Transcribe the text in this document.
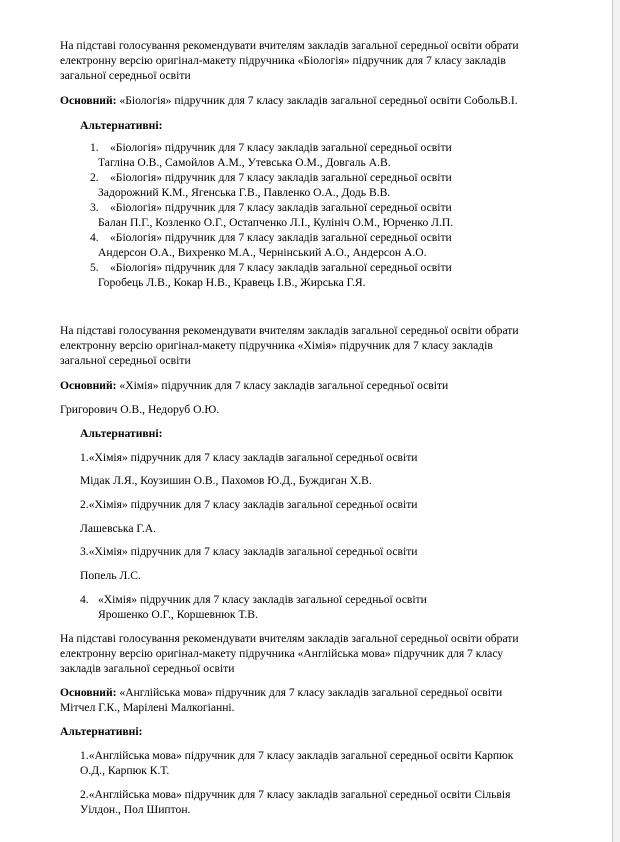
На підставі голосування рекомендувати вчителям закладів загальної середньої освіти обрати
електронну версію оригінал-макету підручника «Біологія» підручник для 7 класу закладів
загальної середньої освіти
Основний: «Біологія» підручник для 7 класу закладів загальної середньої освіти СобольВ.І.
Альтернативні:
1. «Біологія» підручник для 7 класу закладів загальної середньої освіти
Тагліна О.В., Самойлов А.М., Утевська О.М., Довгаль А.В.
2. «Біологія» підручник для 7 класу закладів загальної середньої освіти
Задорожний К.М., Ягенська Г.В., Павленко О.А., Додь В.В.
3. «Біологія» підручник для 7 класу закладів загальної середньої освіти
Балан П.Г., Козленко О.Г., Остапченко Л.І., Кулініч О.М., Юрченко Л.П.
4. «Біологія» підручник для 7 класу закладів загальної середньої освіти
Андерсон О.А., Вихренко М.А., Чернінський А.О., Андерсон А.О.
5. «Біологія» підручник для 7 класу закладів загальної середньої освіти
Горобець Л.В., Кокар Н.В., Кравець І.В., Жирська Г.Я.
На підставі голосування рекомендувати вчителям закладів загальної середньої освіти обрати
електронну версію оригінал-макету підручника «Хімія» підручник для 7 класу закладів
загальної середньої освіти
Основний: «Хімія» підручник для 7 класу закладів загальної середньої освіти
Григорович О.В., Недоруб О.Ю.
Альтернативні:
1.«Хімія» підручник для 7 класу закладів загальної середньої освіти
Мідак Л.Я., Коузишин О.В., Пахомов Ю.Д., Буждиган Х.В.
2.«Хімія» підручник для 7 класу закладів загальної середньої освіти
Лашевська Г.А.
3.«Хімія» підручник для 7 класу закладів загальної середньої освіти
Попель Л.С.
4. «Хімія» підручник для 7 класу закладів загальної середньої освіти
Ярошенко О.Г., Коршевнюк Т.В.
На підставі голосування рекомендувати вчителям закладів загальної середньої освіти обрати
електронну версію оригінал-макету підручника «Англійська мова» підручник для 7 класу
закладів загальної середньої освіти
Основний: «Англійська мова» підручник для 7 класу закладів загальної середньої освіти
Мітчел Г.К., Марілені Малкогіанні.
Альтернативні:
1.«Англійська мова» підручник для 7 класу закладів загальної середньої освіти Карпюк
О.Д., Карпюк К.Т.
2.«Англійська мова» підручник для 7 класу закладів загальної середньої освіти Сільвія
Уілдон., Пол Шиптон.
